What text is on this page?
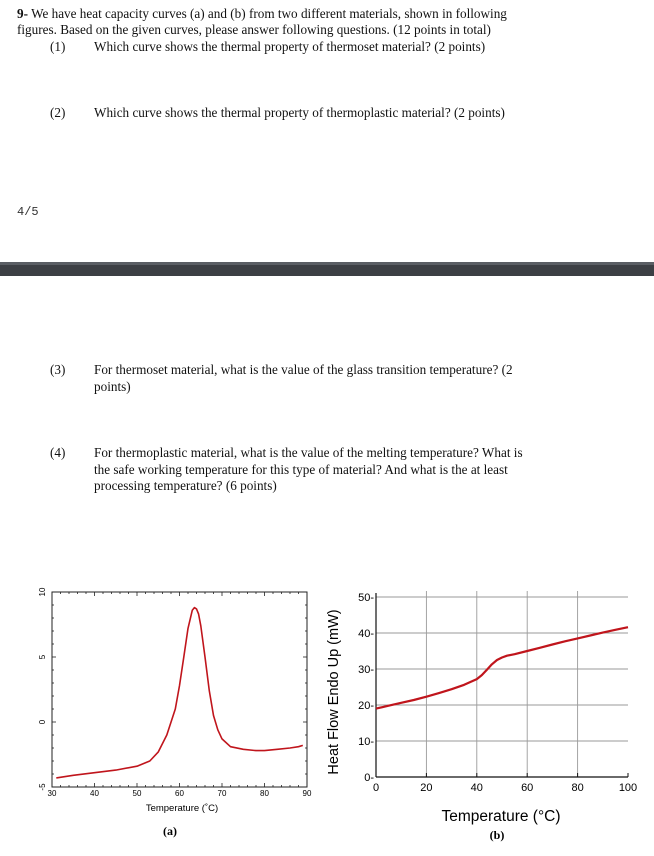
9- We have heat capacity curves (a) and (b) from two different materials, shown in following
figures. Based on the given curves, please answer following questions. (12 points in total)
(1) Which curve shows the thermal property of thermoset material? (2 points)
(2) Which curve shows the thermal property of thermoplastic material? (2 points)
4/5
(3) For thermoset material, what is the value of the glass transition temperature? (2
points)
(4) For thermoplastic material, what is the value of the melting temperature? What is
the safe working temperature for this type of material? And what is the at least
processing temperature? (6 points)
30	40	50	60	70	80	90
-5
0
5
10
Temperature (˚C)
(a)
0	20	40	60	80	100
0-
10-
20-
30-
40-
50-
Temperature (°C)
Heat Flow Endo Up (mW)
(b)
